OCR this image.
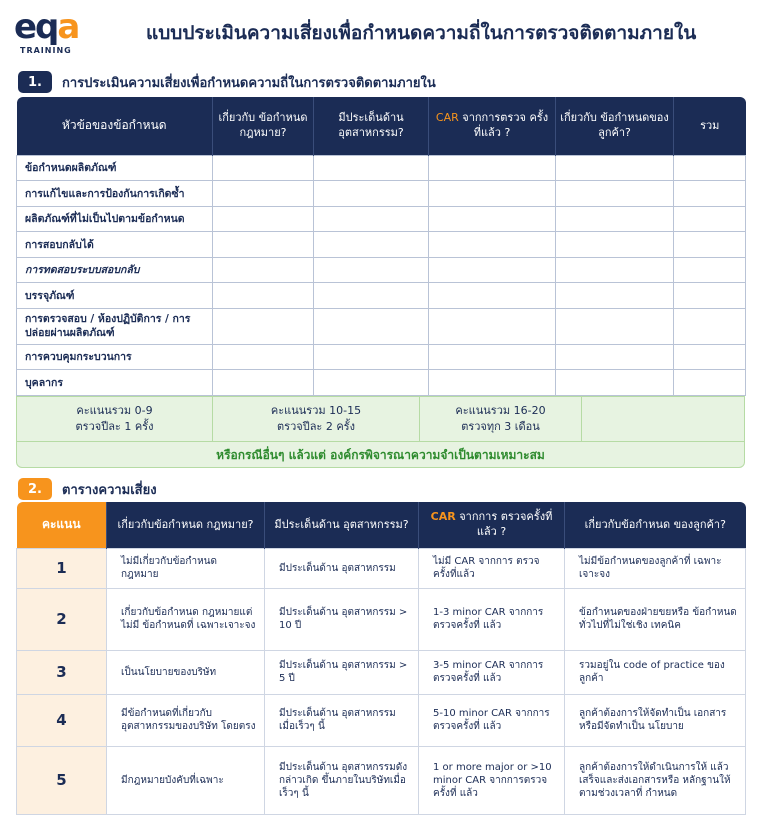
eqa
TRAINING
แบบประเมินความเสี่ยงเพื่อกำหนดความถี่ในการตรวจติดตามภายใน
1.	การประเมินความเสี่ยงเพื่อกำหนดความถี่ในการตรวจติดตามภายใน
หัวข้อของข้อกำหนด	เกี่ยวกับ ข้อกำหนด กฎหมาย?	มีประเด็นด้าน อุตสาหกรรม?	CAR จากการตรวจ ครั้งที่แล้ว ?	เกี่ยวกับ ข้อกำหนดของ ลูกค้า?	รวม
ข้อกำหนดผลิตภัณฑ์					
การแก้ไขและการป้องกันการเกิดซ้ำ					
ผลิตภัณฑ์ที่ไม่เป็นไปตามข้อกำหนด					
การสอบกลับได้					
การทดสอบระบบสอบกลับ					
บรรจุภัณฑ์					
การตรวจสอบ / ห้องปฏิบัติการ / การปล่อยผ่านผลิตภัณฑ์					
การควบคุมกระบวนการ					
บุคลากร					
คะแนนรวม 0-9
ตรวจปีละ 1 ครั้ง
คะแนนรวม 10-15
ตรวจปีละ 2 ครั้ง
คะแนนรวม 16-20
ตรวจทุก 3 เดือน
หรือกรณีอื่นๆ แล้วแต่ องค์กรพิจารณาความจำเป็นตามเหมาะสม
2.	ตารางความเสี่ยง
คะแนน	เกี่ยวกับข้อกำหนด กฎหมาย?	มีประเด็นด้าน อุตสาหกรรม?	CAR จากการ ตรวจครั้งที่แล้ว ?	เกี่ยวกับข้อกำหนด ของลูกค้า?
1	ไม่มีเกี่ยวกับข้อกำหนด กฎหมาย	มีประเด็นด้าน อุตสาหกรรม	ไม่มี CAR จากการ ตรวจครั้งที่แล้ว	ไม่มีข้อกำหนดของลูกค้าที่ เฉพาะเจาะจง
2	เกี่ยวกับข้อกำหนด กฎหมายแต่ไม่มี ข้อกำหนดที่ เฉพาะเจาะจง	มีประเด็นด้าน อุตสาหกรรม > 10 ปี	1-3 minor CAR จากการตรวจครั้งที่ แล้ว	ข้อกำหนดของฝ่ายขยหรือ ข้อกำหนดทั่วไปที่ไม่ใช่เชิง เทคนิค
3	เป็นนโยบายของบริษัท	มีประเด็นด้าน อุตสาหกรรม > 5 ปี	3-5 minor CAR จากการตรวจครั้งที่ แล้ว	รวมอยู่ใน code of practice ของลูกค้า
4	มีข้อกำหนดที่เกี่ยวกับ อุตสาหกรรมของบริษัท โดยตรง	มีประเด็นด้าน อุตสาหกรรมเมื่อเร็วๆ นี้	5-10 minor CAR จากการตรวจครั้งที่ แล้ว	ลูกค้าต้องการให้จัดทำเป็น เอกสาร หรือมีจัดทำเป็น นโยบาย
5	มีกฎหมายบังคับที่เฉพาะ	มีประเด็นด้าน อุตสาหกรรมดังกล่าวเกิด ขึ้นภายในบริษัทเมื่อเร็วๆ นี้	1 or more major or >10 minor CAR จากการตรวจครั้งที่ แล้ว	ลูกค้าต้องการให้ดำเนินการให้ แล้วเสร็จและส่งเอกสารหรือ หลักฐานให้ ตามช่วงเวลาที่ กำหนด
